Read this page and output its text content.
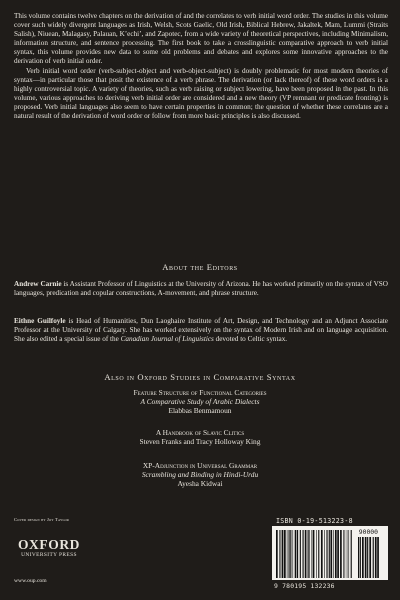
This volume contains twelve chapters on the derivation of and the correlates to verb initial word order. The studies in this volume cover such widely divergent languages as Irish, Welsh, Scots Gaelic, Old Irish, Biblical Hebrew, Jakaltek, Mam, Lummi (Straits Salish), Niuean, Malagasy, Palauan, K’echi’, and Zapotec, from a wide variety of theoretical perspectives, including Minimalism, information structure, and sentence processing. The first book to take a crosslinguistic comparative approach to verb initial syntax, this volume provides new data to some old problems and debates and explores some innovative approaches to the derivation of verb initial order.

Verb initial word order (verb-subject-object and verb-object-subject) is doubly problematic for most modern theories of syntax—in particular those that posit the existence of a verb phrase. The derivation (or lack thereof) of these word orders is a highly controversial topic. A variety of theories, such as verb raising or subject lowering, have been proposed in the past. In this volume, various approaches to deriving verb initial order are considered and a new theory (VP remnant or predicate fronting) is proposed. Verb initial languages also seem to have certain properties in common; the question of whether these correlates are a natural result of the derivation of word order or follow from more basic principles is also discussed.

About the Editors

Andrew Carnie is Assistant Professor of Linguistics at the University of Arizona. He has worked primarily on the syntax of VSO languages, predication and copular constructions, A-movement, and phrase structure.

Eithne Guilfoyle is Head of Humanities, Dun Laoghaire Institute of Art, Design, and Technology and an Adjunct Associate Professor at the University of Calgary. She has worked extensively on the syntax of Modern Irish and on language acquisition. She also edited a special issue of the Canadian Journal of Linguistics devoted to Celtic syntax.

Also in Oxford Studies in Comparative Syntax
Feature Structure of Functional Categories
A Comparative Study of Arabic Dialects
Elabbas Benmamoun
A Handbook of Slavic Clitics
Steven Franks and Tracy Holloway King
XP-Adjunction in Universal Grammar
Scrambling and Binding in Hindi-Urdu
Ayesha Kidwai
Cover design by Joy Taylor
OXFORD
UNIVERSITY PRESS
www.oup.com
ISBN 0-19-513223-8
90000
9 780195 132236
